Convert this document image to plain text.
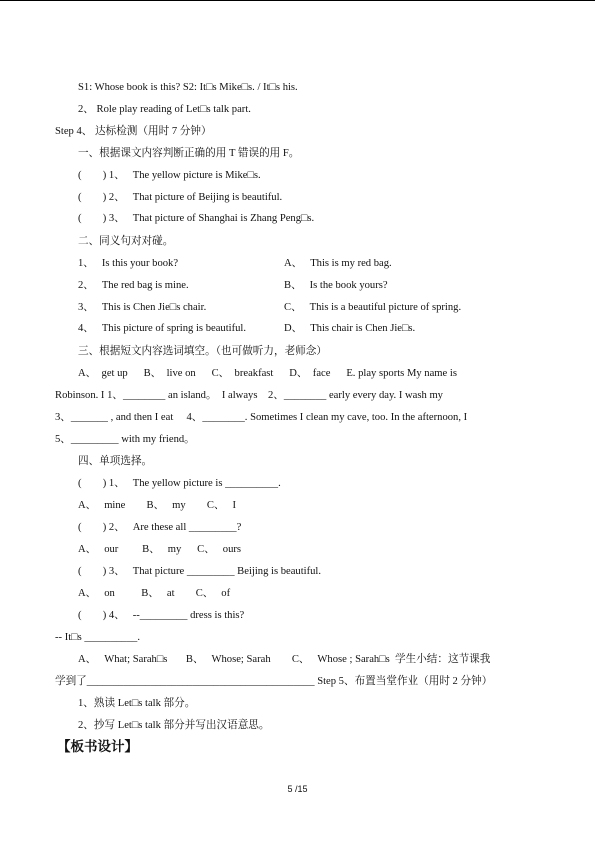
S1: Whose book is this? S2: It□s Mike□s. / It□s his.
2、 Role play reading of Let□s talk part.
Step 4、 达标检测（用时 7 分钟）
一、根据课文内容判断正确的用 T 错误的用 F。
(        ) 1、   The yellow picture is Mike□s.
(        ) 2、   That picture of Beijing is beautiful.
(        ) 3、   That picture of Shanghai is Zhang Peng□s.
二、同义句对对碰。
1、   Is this your book?	A、   This is my red bag.
2、   The red bag is mine.	B、   Is the book yours?
3、   This is Chen Jie□s chair.	C、   This is a beautiful picture of spring.
4、   This picture of spring is beautiful.	D、   This chair is Chen Jie□s.
三、根据短文内容选词填空。（也可做听力，老师念）
A、  get up      B、  live on      C、  breakfast      D、  face      E. play sports My name is
Robinson. I 1、________ an island。  I always    2、________ early every day. I wash my
3、_______ , and then I eat     4、________. Sometimes I clean my cave, too. In the afternoon, I
5、_________ with my friend。
四、单项选择。
(        ) 1、   The yellow picture is __________.
A、   mine        B、   my        C、   I
(        ) 2、   Are these all _________?
A、   our         B、   my      C、   ours
(        ) 3、   That picture _________ Beijing is beautiful.
A、   on          B、   at        C、   of
(        ) 4、   --_________ dress is this?
-- It□s __________.
A、   What; Sarah□s       B、   Whose; Sarah        C、   Whose ; Sarah□s  学生小结：这节课我
学到了___________________________________________ Step 5、布置当堂作业（用时 2 分钟）
1、熟读 Let□s talk 部分。
2、抄写 Let□s talk 部分并写出汉语意思。
【板书设计】
5 /15
